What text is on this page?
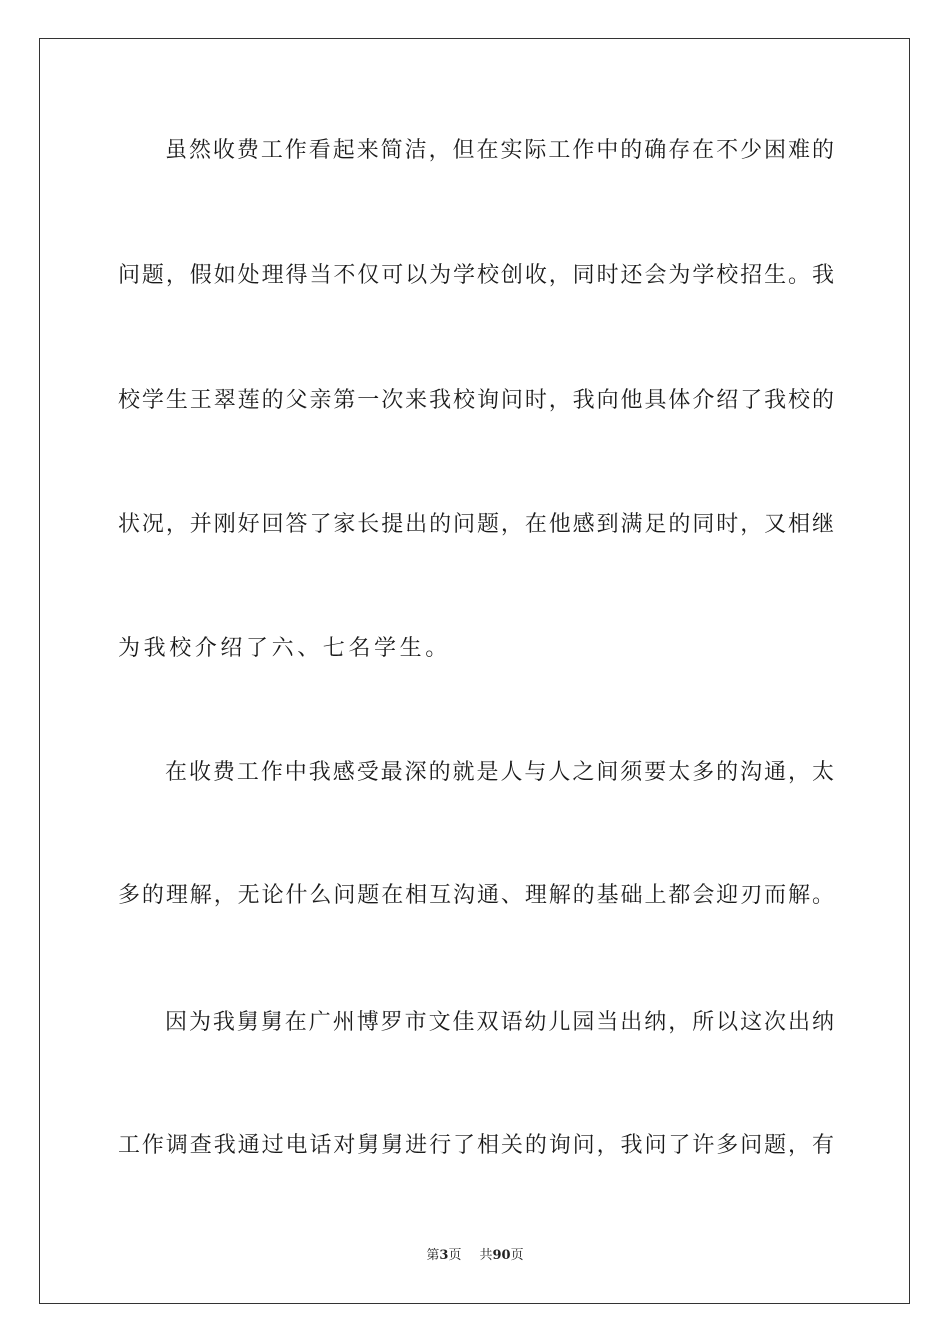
虽然收费工作看起来简洁，但在实际工作中的确存在不少困难的
问题，假如处理得当不仅可以为学校创收，同时还会为学校招生。我
校学生王翠莲的父亲第一次来我校询问时，我向他具体介绍了我校的
状况，并刚好回答了家长提出的问题，在他感到满足的同时，又相继
为我校介绍了六、七名学生。
在收费工作中我感受最深的就是人与人之间须要太多的沟通，太
多的理解，无论什么问题在相互沟通、理解的基础上都会迎刃而解。
因为我舅舅在广州博罗市文佳双语幼儿园当出纳，所以这次出纳
工作调查我通过电话对舅舅进行了相关的询问，我问了许多问题，有
第3页 共90页
